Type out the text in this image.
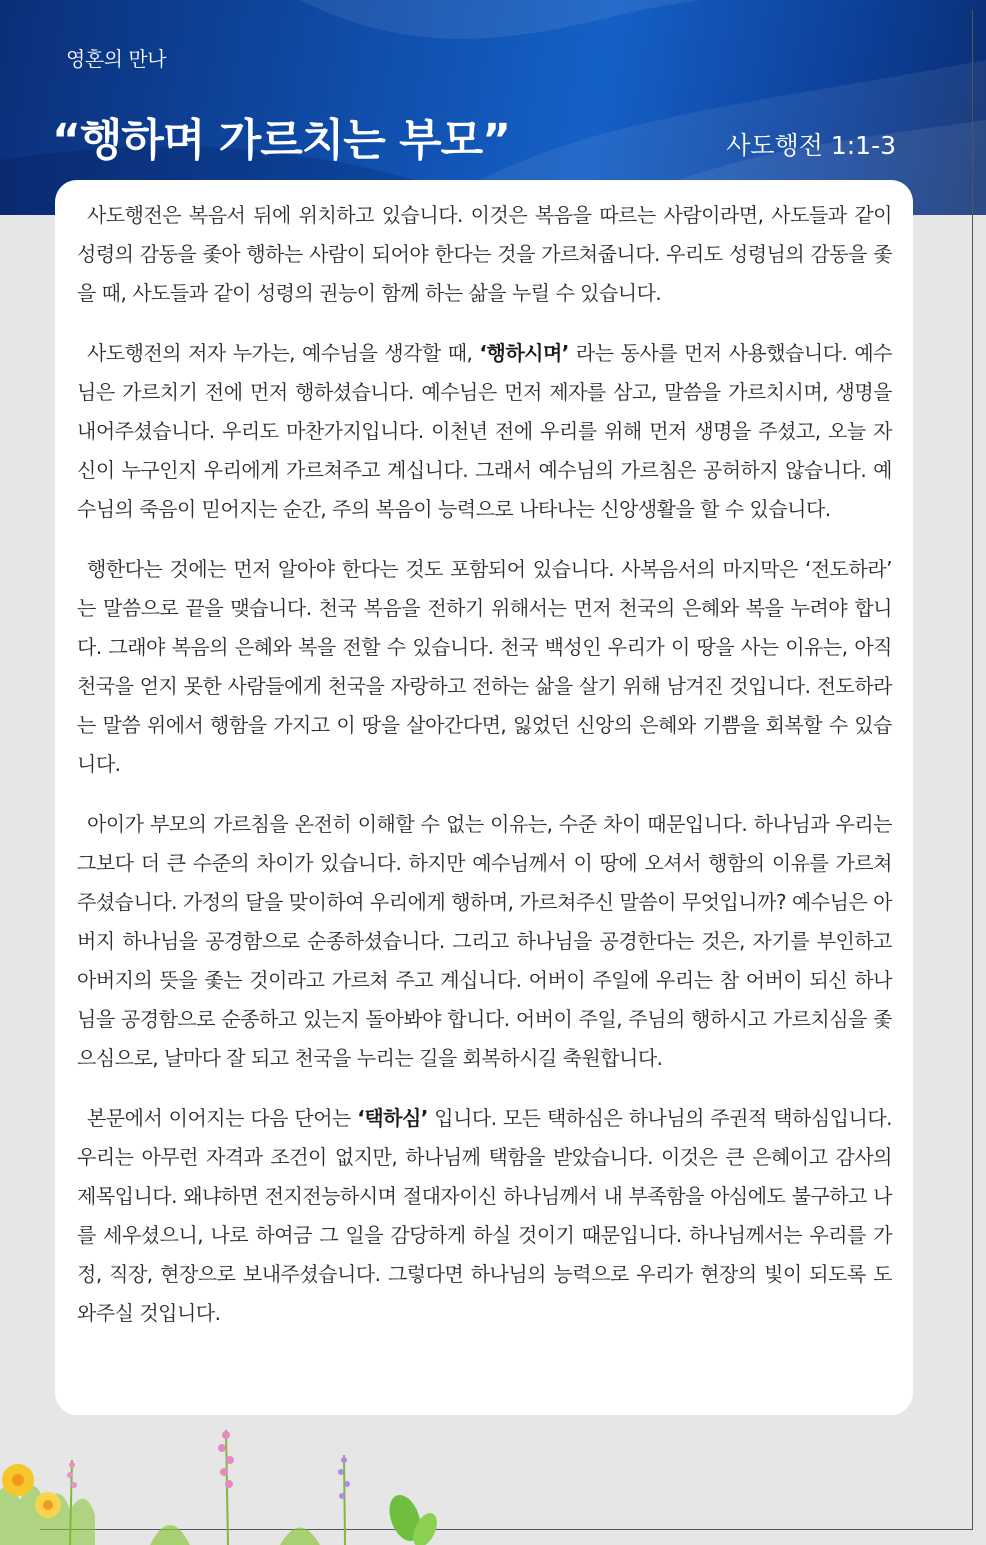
영혼의 만나
“행하며 가르치는 부모”	사도행전 1:1-3

사도행전은 복음서 뒤에 위치하고 있습니다. 이것은 복음을 따르는 사람이라면, 사도들과 같이 성령의 감동을 좇아 행하는 사람이 되어야 한다는 것을 가르쳐줍니다. 우리도 성령님의 감동을 좇을 때, 사도들과 같이 성령의 권능이 함께 하는 삶을 누릴 수 있습니다.

사도행전의 저자 누가는, 예수님을 생각할 때, ‘행하시며’ 라는 동사를 먼저 사용했습니다. 예수님은 가르치기 전에 먼저 행하셨습니다. 예수님은 먼저 제자를 삼고, 말씀을 가르치시며, 생명을 내어주셨습니다. 우리도 마찬가지입니다. 이천년 전에 우리를 위해 먼저 생명을 주셨고, 오늘 자신이 누구인지 우리에게 가르쳐주고 계십니다. 그래서 예수님의 가르침은 공허하지 않습니다. 예수님의 죽음이 믿어지는 순간, 주의 복음이 능력으로 나타나는 신앙생활을 할 수 있습니다.

행한다는 것에는 먼저 알아야 한다는 것도 포함되어 있습니다. 사복음서의 마지막은 ‘전도하라’ 는 말씀으로 끝을 맺습니다. 천국 복음을 전하기 위해서는 먼저 천국의 은혜와 복을 누려야 합니다. 그래야 복음의 은혜와 복을 전할 수 있습니다. 천국 백성인 우리가 이 땅을 사는 이유는, 아직 천국을 얻지 못한 사람들에게 천국을 자랑하고 전하는 삶을 살기 위해 남겨진 것입니다. 전도하라는 말씀 위에서 행함을 가지고 이 땅을 살아간다면, 잃었던 신앙의 은혜와 기쁨을 회복할 수 있습니다.

아이가 부모의 가르침을 온전히 이해할 수 없는 이유는, 수준 차이 때문입니다. 하나님과 우리는 그보다 더 큰 수준의 차이가 있습니다. 하지만 예수님께서 이 땅에 오셔서 행함의 이유를 가르쳐주셨습니다. 가정의 달을 맞이하여 우리에게 행하며, 가르쳐주신 말씀이 무엇입니까? 예수님은 아버지 하나님을 공경함으로 순종하셨습니다. 그리고 하나님을 공경한다는 것은, 자기를 부인하고 아버지의 뜻을 좇는 것이라고 가르쳐 주고 계십니다. 어버이 주일에 우리는 참 어버이 되신 하나님을 공경함으로 순종하고 있는지 돌아봐야 합니다. 어버이 주일, 주님의 행하시고 가르치심을 좇으심으로, 날마다 잘 되고 천국을 누리는 길을 회복하시길 축원합니다.

본문에서 이어지는 다음 단어는 ‘택하심’ 입니다. 모든 택하심은 하나님의 주권적 택하심입니다. 우리는 아무런 자격과 조건이 없지만, 하나님께 택함을 받았습니다. 이것은 큰 은혜이고 감사의 제목입니다. 왜냐하면 전지전능하시며 절대자이신 하나님께서 내 부족함을 아심에도 불구하고 나를 세우셨으니, 나로 하여금 그 일을 감당하게 하실 것이기 때문입니다. 하나님께서는 우리를 가정, 직장, 현장으로 보내주셨습니다. 그렇다면 하나님의 능력으로 우리가 현장의 빛이 되도록 도와주실 것입니다.
